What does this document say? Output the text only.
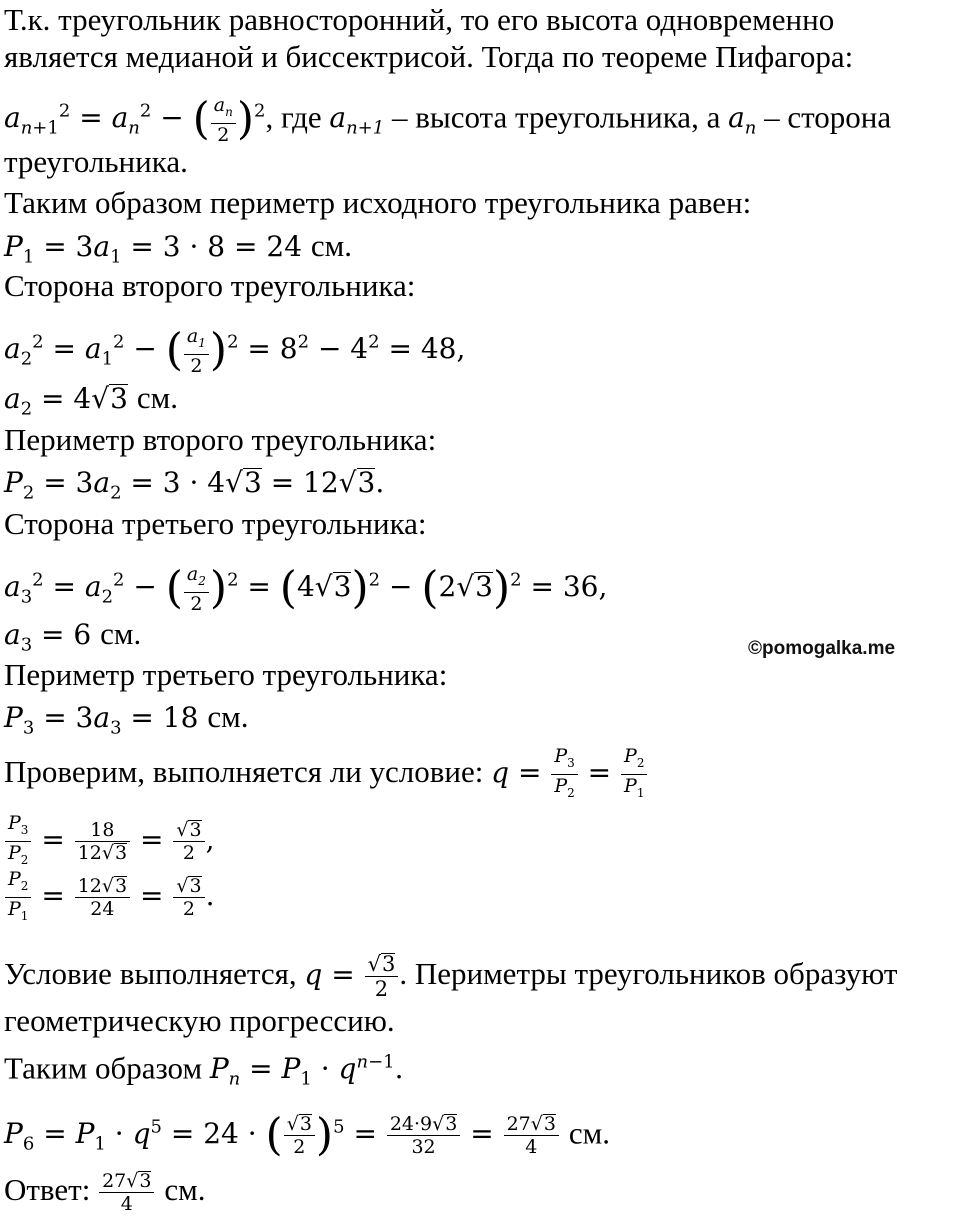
Т.к. треугольник равносторонний, то его высота одновременно
является медианой и биссектрисой. Тогда по теореме Пифагора:
$a_{n+1}^2 = a_n^2$ − ( $\frac{a_n}{2} )^2$, где $a_{n+1}$ – высота треугольника, а $a_n$ – сторона
треугольника.
Таким образом периметр исходного треугольника равен:
$P_1 = 3a_1 = 3 \cdot 8 = 24$ см.
Сторона второго треугольника:
$a_2^2 = a_1^2$ − ( $\frac{a_1}{2} )^2 = 8^2 - 4^2 = 48$,
$a_2 = 4√3$ см.
Периметр второго треугольника:
$P_2 = 3a_2 = 3 \cdot 4√3 = 12√3$.
Сторона третьего треугольника:
$a_3^2 = a_2^2$ − ( $\frac{a_2}{2} )^2 = (4√3)^2 - (2√3)^2 = 36$,
$a_3 = 6$ см.
Периметр третьего треугольника:
$P_3 = 3a_3 = 18$ см.
Проверим, выполняется ли условие: $q = \frac{P_3}{P_2} = \frac{P_2}{P_1}$
$\frac{P_3}{P_2} = \frac{18}{12√3} = \frac{√3}{2}$ ,
$\frac{P_2}{P_1} = \frac{12√3}{24} = \frac{√3}{2}$ .
Условие выполняется, $q = \frac{√3}{2}$ . Периметры треугольников образуют
геометрическую прогрессию.
Таким образом $P_n = P_1 \cdot q^{n-1}$.
$P_6 = P_1 \cdot q^5 = 24$ · ( $\frac{√3}{2} )^5 = \frac{24\cdot 9√3}{32} = \frac{27√3}{4}$ см.
Ответ: $\frac{27√3}{4}$ см.
©pomogalka.me
